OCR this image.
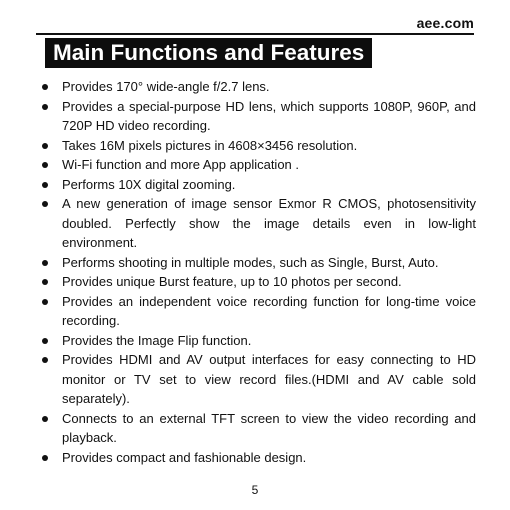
aee.com
Main Functions and Features
Provides 170° wide-angle f/2.7 lens.
Provides a special-purpose HD lens, which supports 1080P, 960P, and 720P HD video recording.
Takes 16M pixels pictures in 4608×3456 resolution.
Wi-Fi function and more App application .
Performs 10X digital zooming.
A new generation of image sensor Exmor R CMOS, photosensitivity doubled. Perfectly show the image details even in low-light environment.
Performs shooting in multiple modes, such as Single, Burst, Auto.
Provides unique Burst feature, up to 10 photos per second.
Provides an independent voice recording function for long-time voice recording.
Provides the Image Flip function.
Provides HDMI and AV output interfaces for easy connecting to HD monitor or TV set to view record files.(HDMI and AV cable sold separately).
Connects to an external TFT screen to view the video recording and playback.
Provides compact and fashionable design.
5
